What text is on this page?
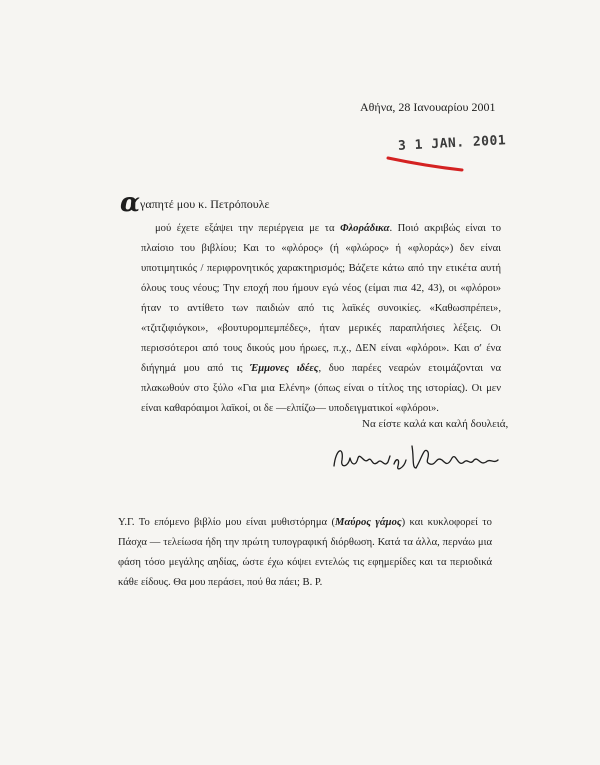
Αθήνα, 28 Ιανουαρίου 2001
3 1 JAN. 2001
αγαπητέ μου κ. Πετρόπουλε

μού έχετε εξάψει την περιέργεια με τα Φλοράδικα. Ποιό ακριβώς είναι το πλαίσιο του βιβλίου; Και το «φλόρος» (ή «φλώρος» ή «φλοράς») δεν είναι υποτιμητικός / περιφρονητικός χαρακτηρισμός; Βάζετε κάτω από την ετικέτα αυτή όλους τους νέους; Την εποχή που ήμουν εγώ νέος (είμαι πια 42, 43), οι «φλόροι» ήταν το αντίθετο των παιδιών από τις λαϊκές συνοικίες. «Καθωσπρέπει», «τζιτζιφιόγκοι», «βουτυρομπεμπέδες», ήταν μερικές παραπλήσιες λέξεις. Οι περισσότεροι από τους δικούς μου ήρωες, π.χ., ΔΕΝ είναι «φλόροι». Και σ' ένα διήγημά μου από τις Έμμονες ιδέες, δυο παρέες νεαρών ετοιμάζονται να πλακωθούν στο ξύλο «Για μια Ελένη» (όπως είναι ο τίτλος της ιστορίας). Οι μεν είναι καθαρόαιμοι λαϊκοί, οι δε —ελπίζω— υποδειγματικοί «φλόροι».

Να είστε καλά και καλή δουλειά,

Υ.Γ. Το επόμενο βιβλίο μου είναι μυθιστόρημα (Μαύρος γάμος) και κυκλοφορεί το Πάσχα — τελείωσα ήδη την πρώτη τυπογραφική διόρθωση. Κατά τα άλλα, περνάω μια φάση τόσο μεγάλης αηδίας, ώστε έχω κόψει εντελώς τις εφημερίδες και τα περιοδικά κάθε είδους. Θα μου περάσει, πού θα πάει; Β. Ρ.
